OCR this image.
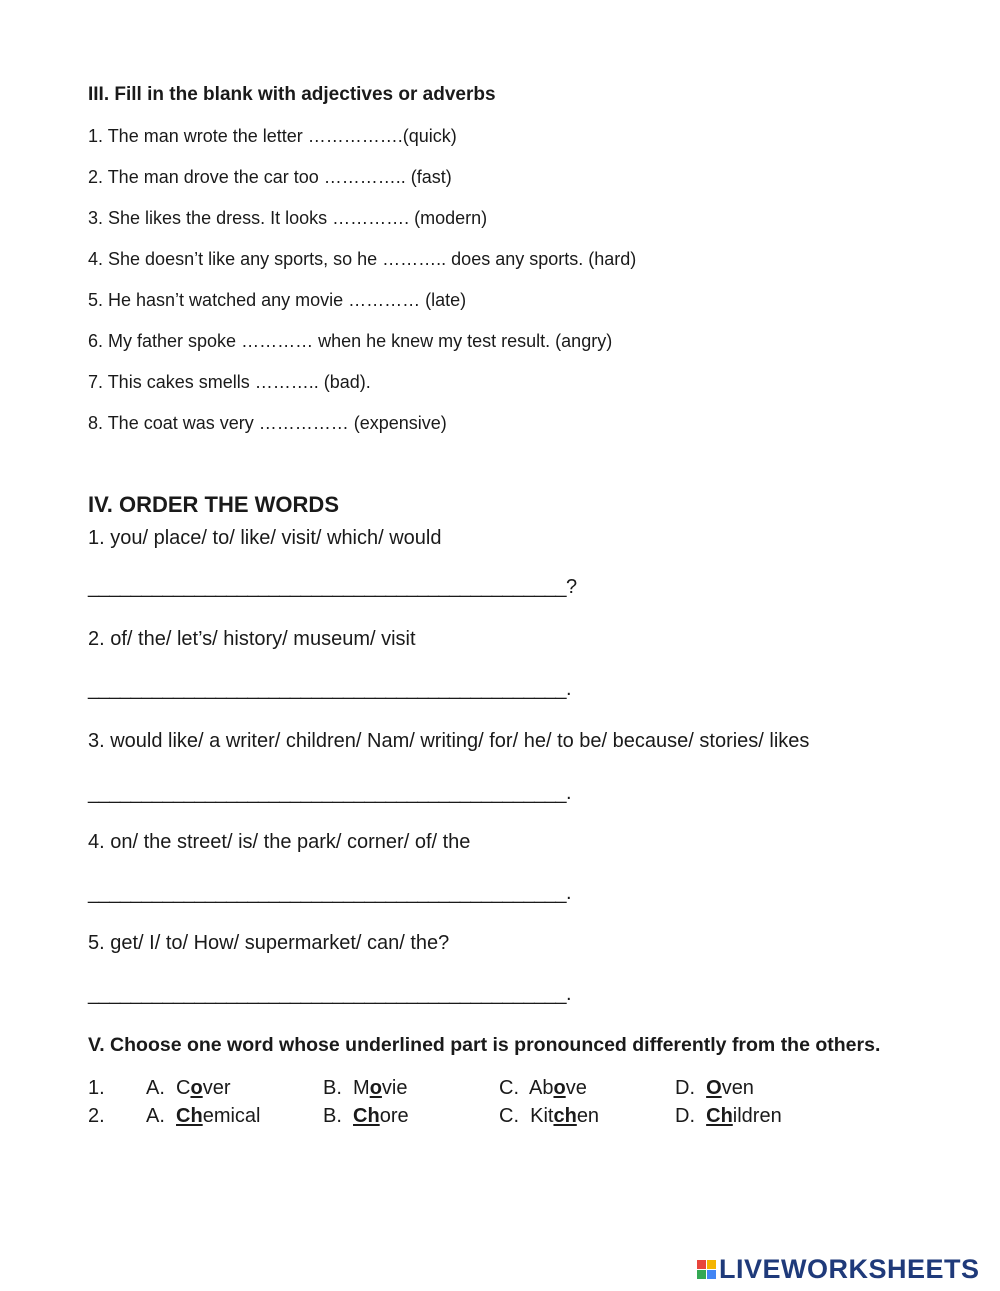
III. Fill in the blank with adjectives or adverbs
1. The man wrote the letter …………….(quick)
2. The man drove the car too ………….. (fast)
3. She likes the dress. It looks …………. (modern)
4. She doesn’t like any sports, so he ……….. does any sports. (hard)
5. He hasn’t watched any movie ………… (late)
6. My father spoke ………… when he knew my test result. (angry)
7. This cakes smells ……….. (bad).
8. The coat was very …………… (expensive)
IV. ORDER THE WORDS
1. you/ place/ to/ like/ visit/ which/ would
_____________________________________________?
2. of/ the/ let’s/ history/ museum/ visit
_____________________________________________.
3. would like/ a writer/ children/ Nam/ writing/ for/ he/ to be/ because/ stories/ likes
_____________________________________________.
4. on/ the street/ is/ the park/ corner/ of/ the
_____________________________________________.
5. get/ I/ to/ How/ supermarket/ can/ the?
_____________________________________________.
V. Choose one word whose underlined part is pronounced differently from the others.
1. A. Cover	B. Movie	C. Above	D. Oven
2. A. Chemical	B. Chore	C. Kitchen	D. Children
LIVEWORKSHEETS
